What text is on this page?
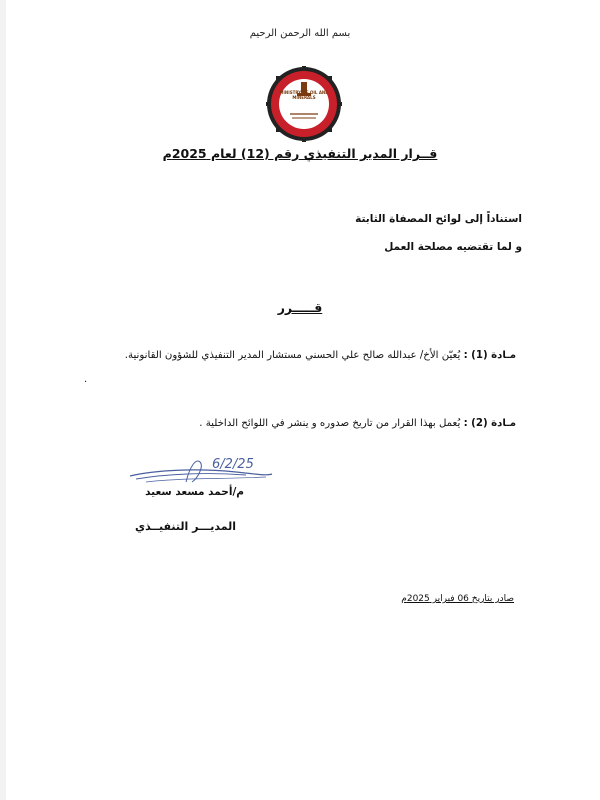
بسم الله الرحمن الرحيم
MINISTRY OF OIL AND MINERALS
قــرار المدير التنفيذي رقم (12) لعام 2025م
استناداً إلى لوائح المصفاة الثابتة
و لما تقتضيه مصلحة العمل
قـــــرر
مـادة (1) : يُعيّن الأخ/ عبدالله صالح علي الحسني مستشار المدير التنفيذي للشؤون القانونية.
.
مـادة (2) : يُعمل بهذا القرار من تاريخ صدوره و ينشر في اللوائح الداخلية .
6/2/25
م/أحمد مسعد سعيد
المديـــر التنفيــذي
صادر بتاريخ 06 فبراير 2025م
